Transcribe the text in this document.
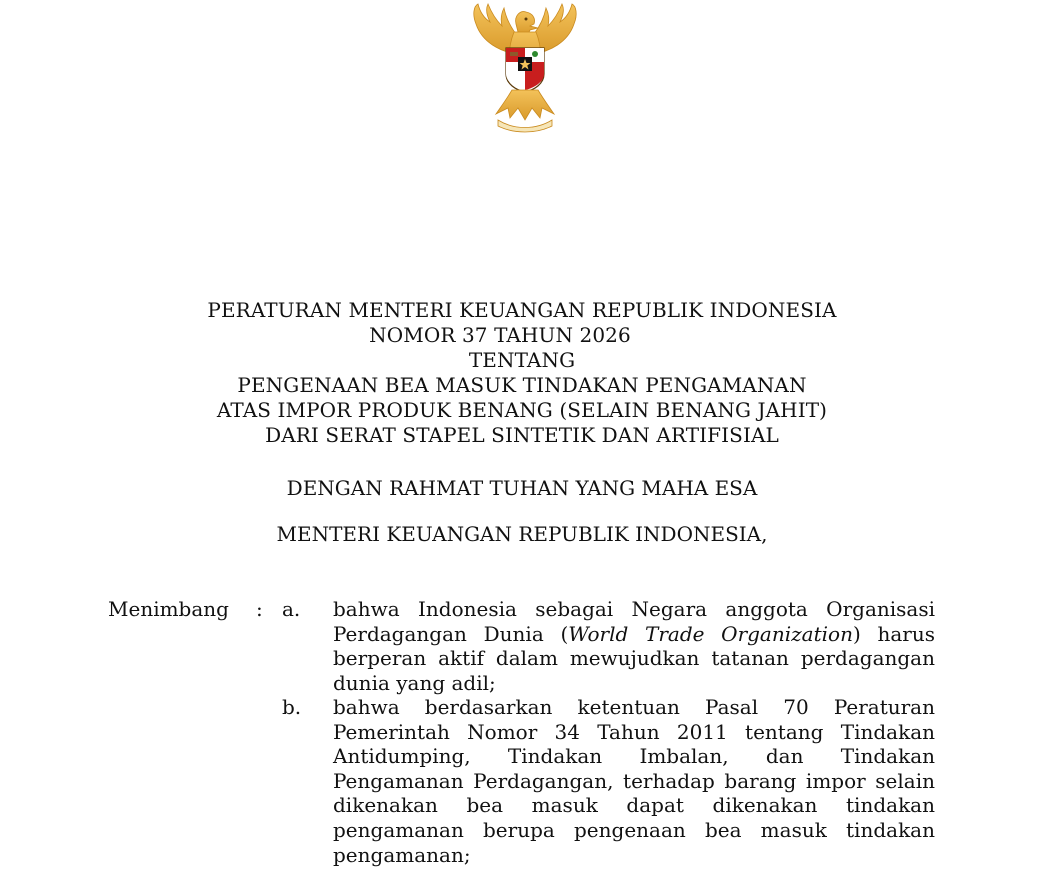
PERATURAN MENTERI KEUANGAN REPUBLIK INDONESIA
NOMOR 37 TAHUN 2026
TENTANG
PENGENAAN BEA MASUK TINDAKAN PENGAMANAN
ATAS IMPOR PRODUK BENANG (SELAIN BENANG JAHIT)
DARI SERAT STAPEL SINTETIK DAN ARTIFISIAL
DENGAN RAHMAT TUHAN YANG MAHA ESA
MENTERI KEUANGAN REPUBLIK INDONESIA,
Menimbang : a. bahwa Indonesia sebagai Negara anggota Organisasi
Perdagangan Dunia (World Trade Organization) harus
berperan aktif dalam mewujudkan tatanan perdagangan
dunia yang adil;
b. bahwa berdasarkan ketentuan Pasal 70 Peraturan
Pemerintah Nomor 34 Tahun 2011 tentang Tindakan
Antidumping, Tindakan Imbalan, dan Tindakan
Pengamanan Perdagangan, terhadap barang impor selain
dikenakan bea masuk dapat dikenakan tindakan
pengamanan berupa pengenaan bea masuk tindakan
pengamanan;
